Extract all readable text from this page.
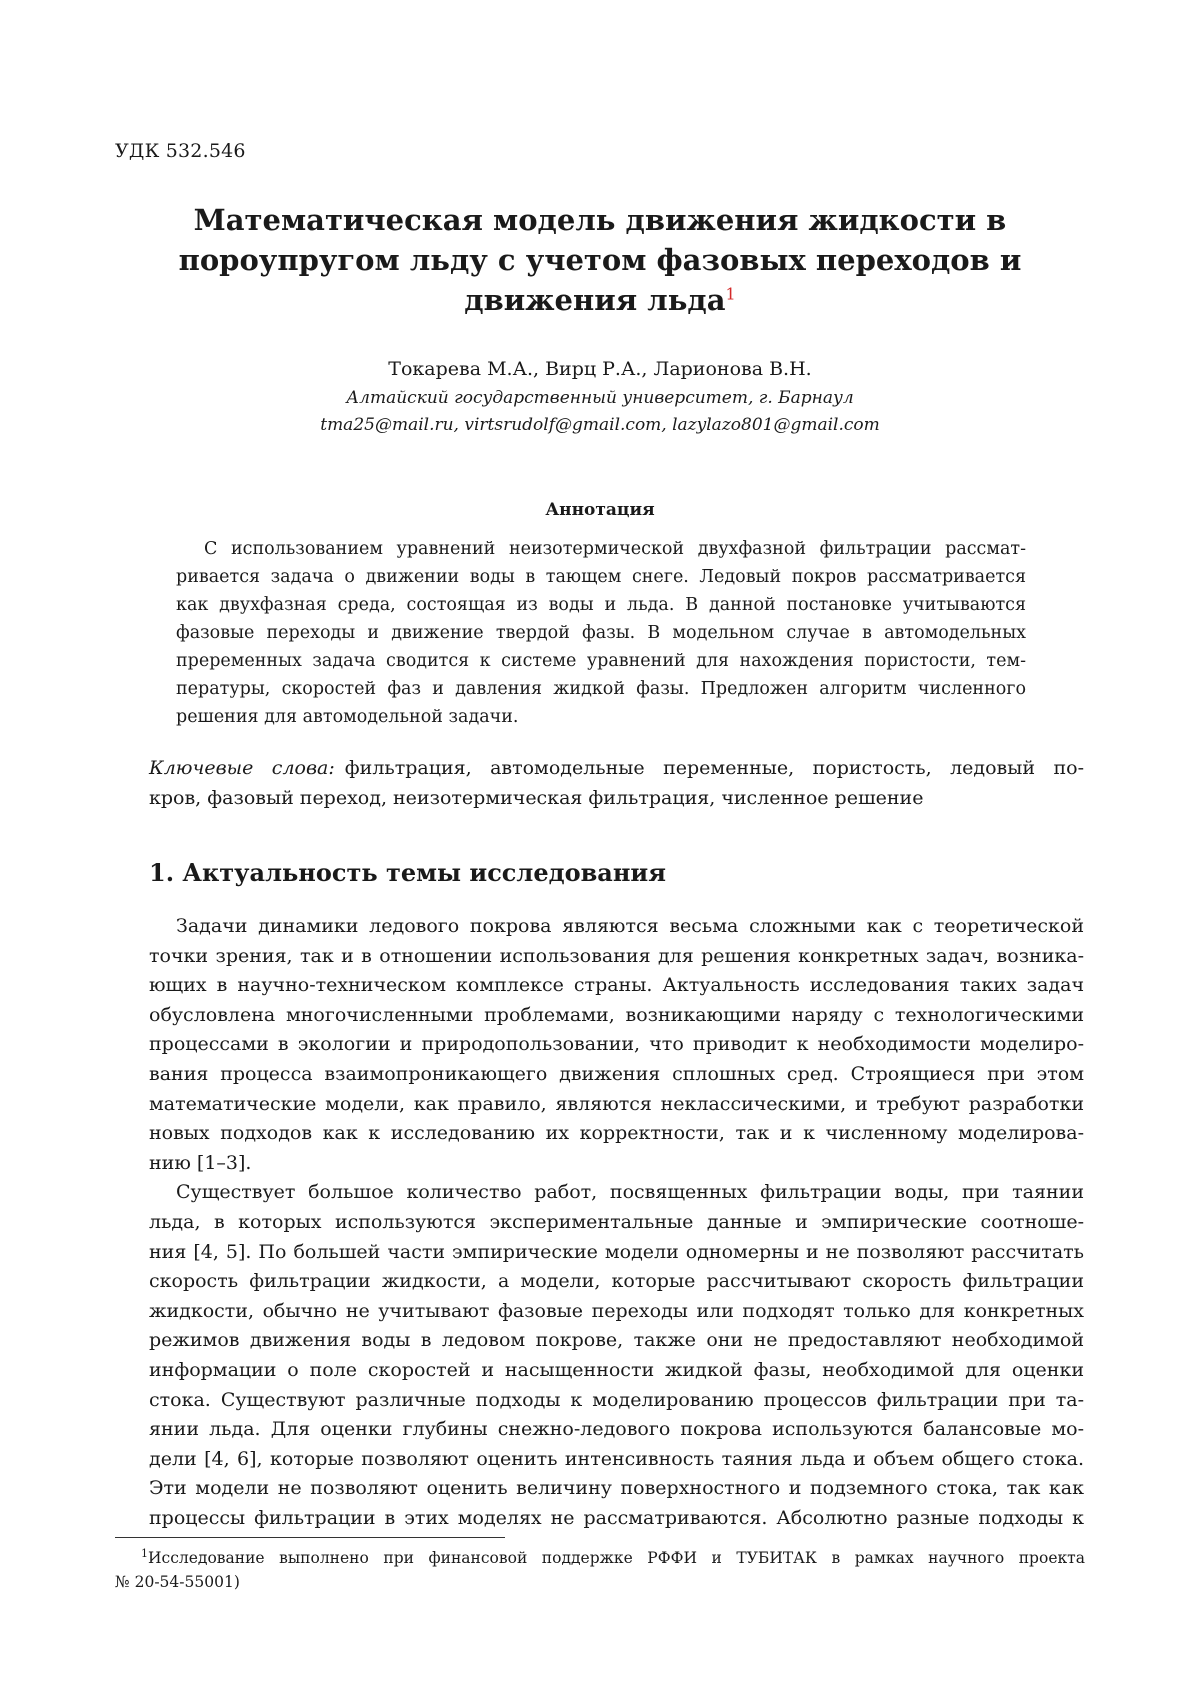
УДК 532.546
Математическая модель движения жидкости в
пороупругом льду с учетом фазовых переходов и
движения льда$^1$
Токарева М.А., Вирц Р.А., Ларионова В.Н.
Алтайский государственный университет, г. Барнаул
tma25@mail.ru, virtsrudolf@gmail.com, lazylazo801@gmail.com
Аннотация
С использованием уравнений неизотермической двухфазной фильтрации рассмат-
ривается задача о движении воды в тающем снеге. Ледовый покров рассматривается
как двухфазная среда, состоящая из воды и льда. В данной постановке учитываются
фазовые переходы и движение твердой фазы. В модельном случае в автомодельных
преременных задача сводится к системе уравнений для нахождения пористости, тем-
пературы, скоростей фаз и давления жидкой фазы. Предложен алгоритм численного
решения для автомодельной задачи.
Ключевые слова: фильтрация, автомодельные переменные, пористость, ледовый по-
кров, фазовый переход, неизотермическая фильтрация, численное решение
1. Актуальность темы исследования
Задачи динамики ледового покрова являются весьма сложными как с теоретической
точки зрения, так и в отношении использования для решения конкретных задач, возника-
ющих в научно-техническом комплексе страны. Актуальность исследования таких задач
обусловлена многочисленными проблемами, возникающими наряду с технологическими
процессами в экологии и природопользовании, что приводит к необходимости моделиро-
вания процесса взаимопроникающего движения сплошных сред. Строящиеся при этом
математические модели, как правило, являются неклассическими, и требуют разработки
новых подходов как к исследованию их корректности, так и к численному моделирова-
нию [1–3].
Существует большое количество работ, посвященных фильтрации воды, при таянии
льда, в которых используются экспериментальные данные и эмпирические соотноше-
ния [4, 5]. По большей части эмпирические модели одномерны и не позволяют рассчитать
скорость фильтрации жидкости, а модели, которые рассчитывают скорость фильтрации
жидкости, обычно не учитывают фазовые переходы или подходят только для конкретных
режимов движения воды в ледовом покрове, также они не предоставляют необходимой
информации о поле скоростей и насыщенности жидкой фазы, необходимой для оценки
стока. Существуют различные подходы к моделированию процессов фильтрации при та-
янии льда. Для оценки глубины снежно-ледового покрова используются балансовые мо-
дели [4, 6], которые позволяют оценить интенсивность таяния льда и объем общего стока.
Эти модели не позволяют оценить величину поверхностного и подземного стока, так как
процессы фильтрации в этих моделях не рассматриваются. Абсолютно разные подходы к
$^1$Исследование выполнено при финансовой поддержке РФФИ и ТУБИТАК в рамках научного проекта
№ 20-54-55001)
